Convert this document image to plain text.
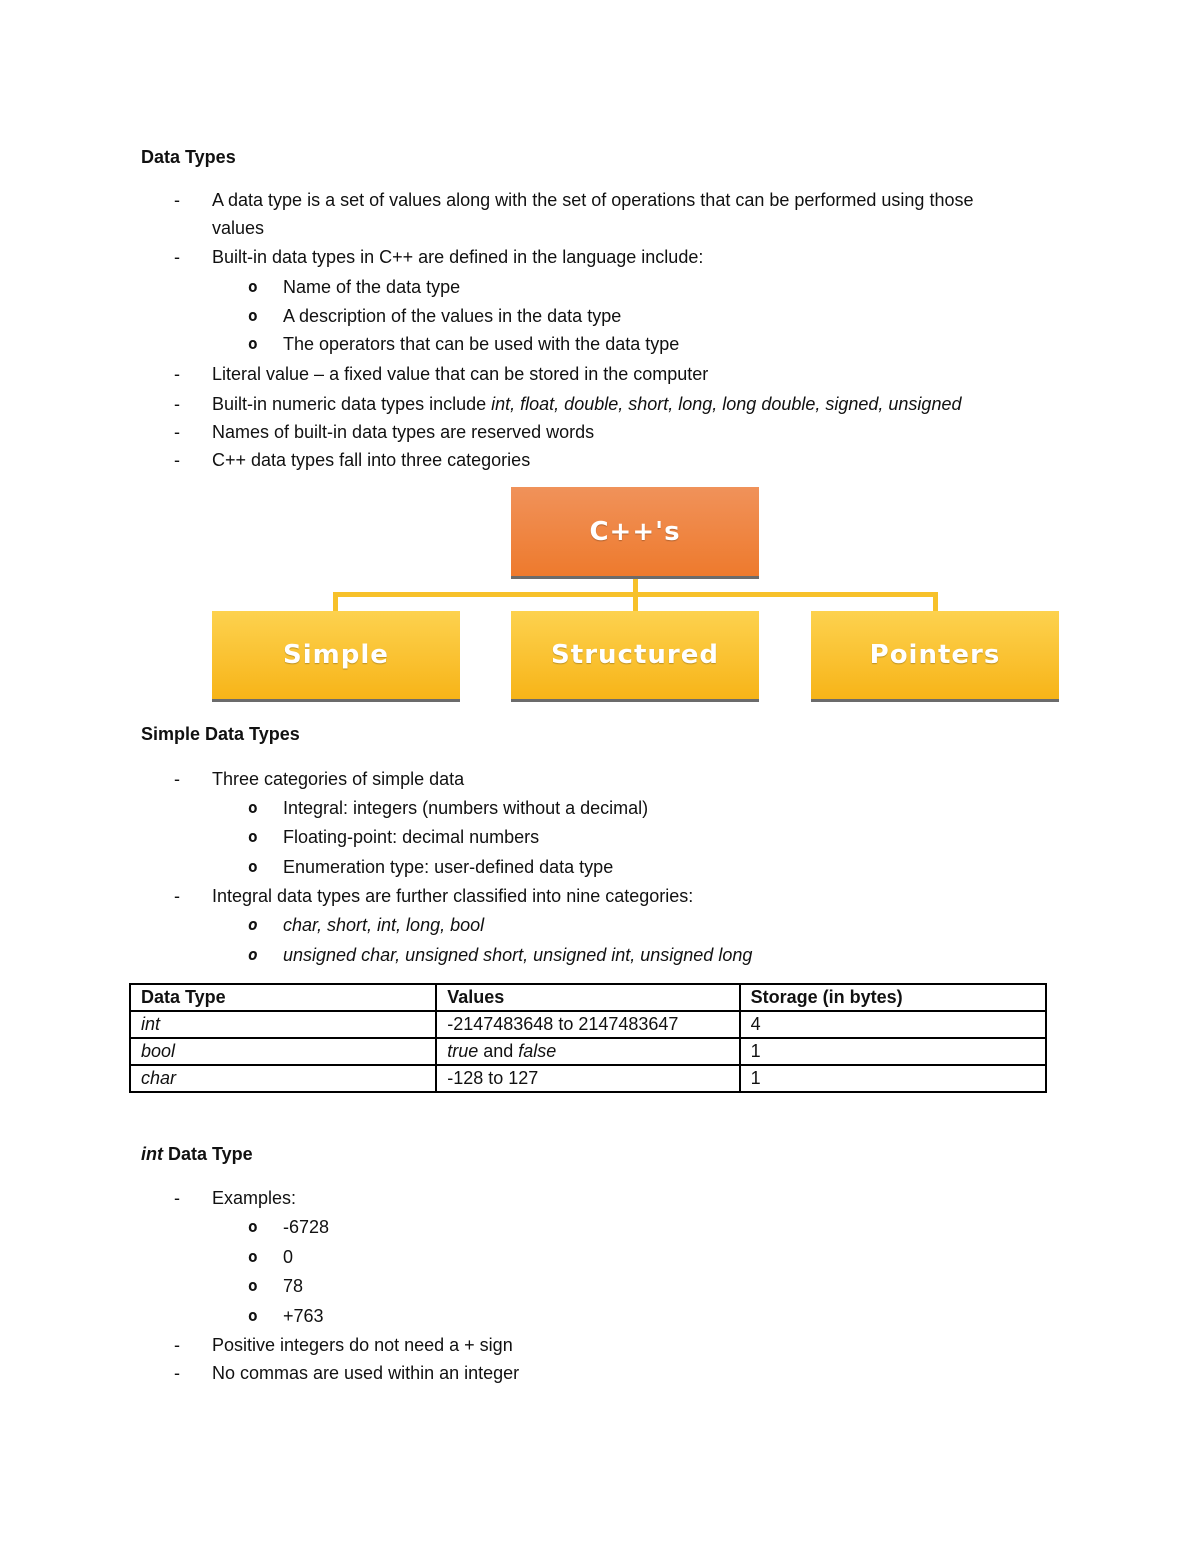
Data Types
-	A data type is a set of values along with the set of operations that can be performed using those
values
-	Built-in data types in C++ are defined in the language include:
o Name of the data type
o A description of the values in the data type
o The operators that can be used with the data type
-	Literal value – a fixed value that can be stored in the computer
-	Built-in numeric data types include int, float, double, short, long, long double, signed, unsigned
-	Names of built-in data types are reserved words
-	C++ data types fall into three categories
C++'s
Simple	Structured	Pointers
Simple Data Types
-	Three categories of simple data
o Integral: integers (numbers without a decimal)
o Floating-point: decimal numbers
o Enumeration type: user-defined data type
-	Integral data types are further classified into nine categories:
o char, short, int, long, bool
o unsigned char, unsigned short, unsigned int, unsigned long
Data Type	Values	Storage (in bytes)
int	-2147483648 to 2147483647	4
bool	true and false	1
char	-128 to 127	1
int Data Type
-	Examples:
o -6728
o 0
o 78
o +763
-	Positive integers do not need a + sign
-	No commas are used within an integer
